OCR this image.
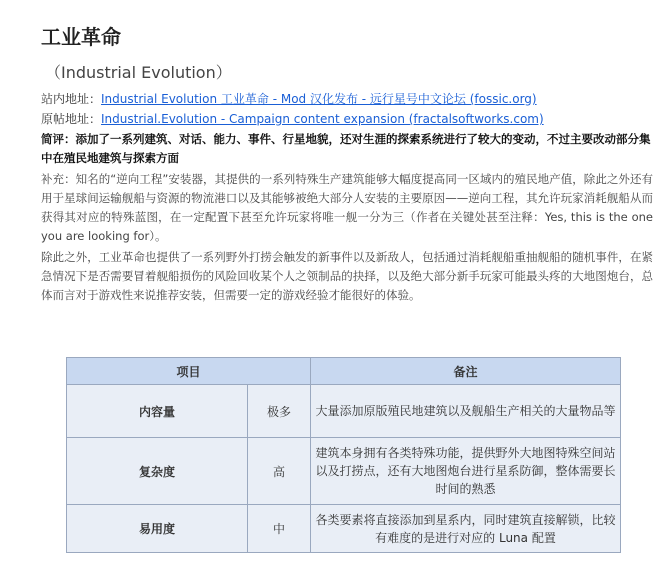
工业革命
（Industrial Evolution）

站内地址：Industrial Evolution 工业革命 - Mod 汉化发布 - 远行星号中文论坛 (fossic.org)

原帖地址：Industrial.Evolution - Campaign content expansion (fractalsoftworks.com)

简评：添加了一系列建筑、对话、能力、事件、行星地貌，还对生涯的探索系统进行了较大的变动，不过主要改动部分集中在殖民地建筑与探索方面

补充：知名的“逆向工程”安装器，其提供的一系列特殊生产建筑能够大幅度提高同一区域内的殖民地产值，除此之外还有用于星球间运输舰船与资源的物流港口以及其能够被绝大部分人安装的主要原因——逆向工程，其允许玩家消耗舰船从而获得其对应的特殊蓝图，在一定配置下甚至允许玩家将唯一舰一分为三（作者在关键处甚至注释：Yes, this is the one you are looking for）。

除此之外，工业革命也提供了一系列野外打捞会触发的新事件以及新敌人，包括通过消耗舰船重抽舰船的随机事件，在紧急情况下是否需要冒着舰船损伤的风险回收某个人之领制品的抉择，以及绝大部分新手玩家可能最头疼的大地图炮台，总体而言对于游戏性来说推荐安装，但需要一定的游戏经验才能很好的体验。

项目		备注
内容量	极多	大量添加原版殖民地建筑以及舰船生产相关的大量物品等
复杂度	高	建筑本身拥有各类特殊功能，提供野外大地图特殊空间站以及打捞点，还有大地图炮台进行星系防御，整体需要长时间的熟悉
易用度	中	各类要素将直接添加到星系内，同时建筑直接解锁，比较有难度的是进行对应的 Luna 配置
